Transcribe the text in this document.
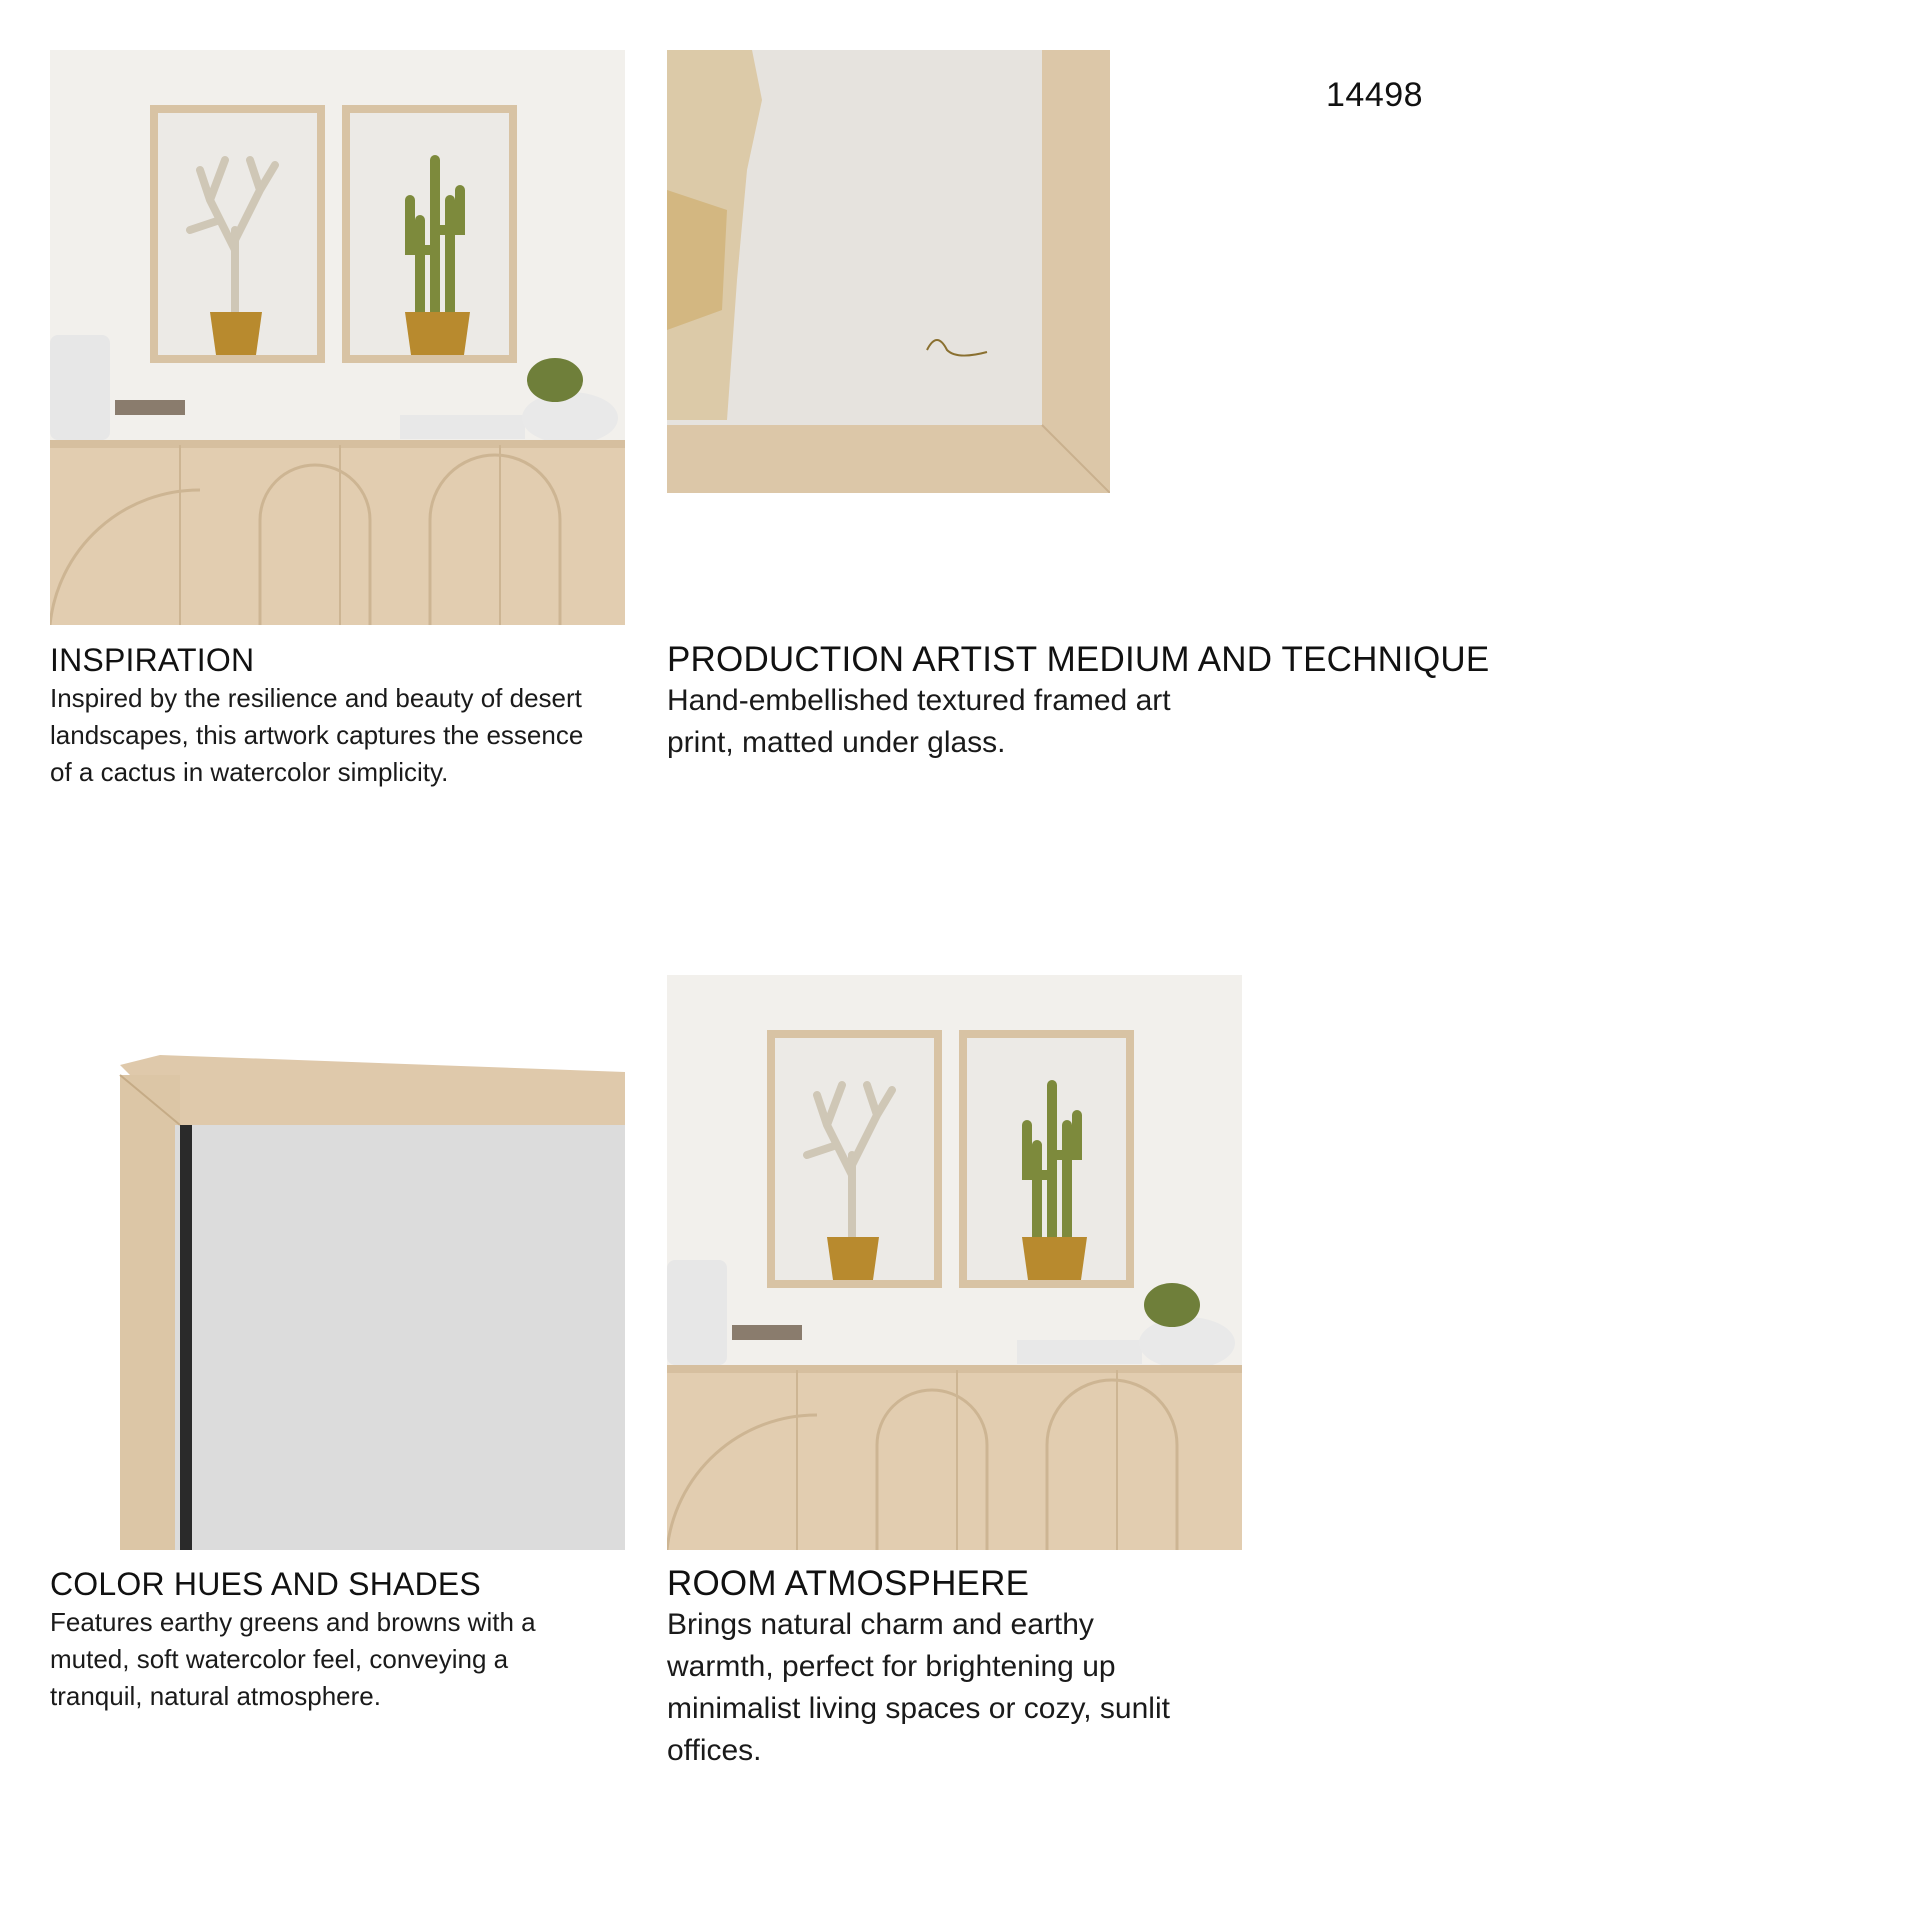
14498
INSPIRATION

Inspired by the resilience and beauty of desert

landscapes, this artwork captures the essence

of a cactus in watercolor simplicity.

PRODUCTION ARTIST MEDIUM AND TECHNIQUE

Hand-embellished textured framed art

print, matted under glass.

COLOR HUES AND SHADES

Features earthy greens and browns with a

muted, soft watercolor feel, conveying a

tranquil, natural atmosphere.

ROOM ATMOSPHERE

Brings natural charm and earthy

warmth, perfect for brightening up

minimalist living spaces or cozy, sunlit

offices.
